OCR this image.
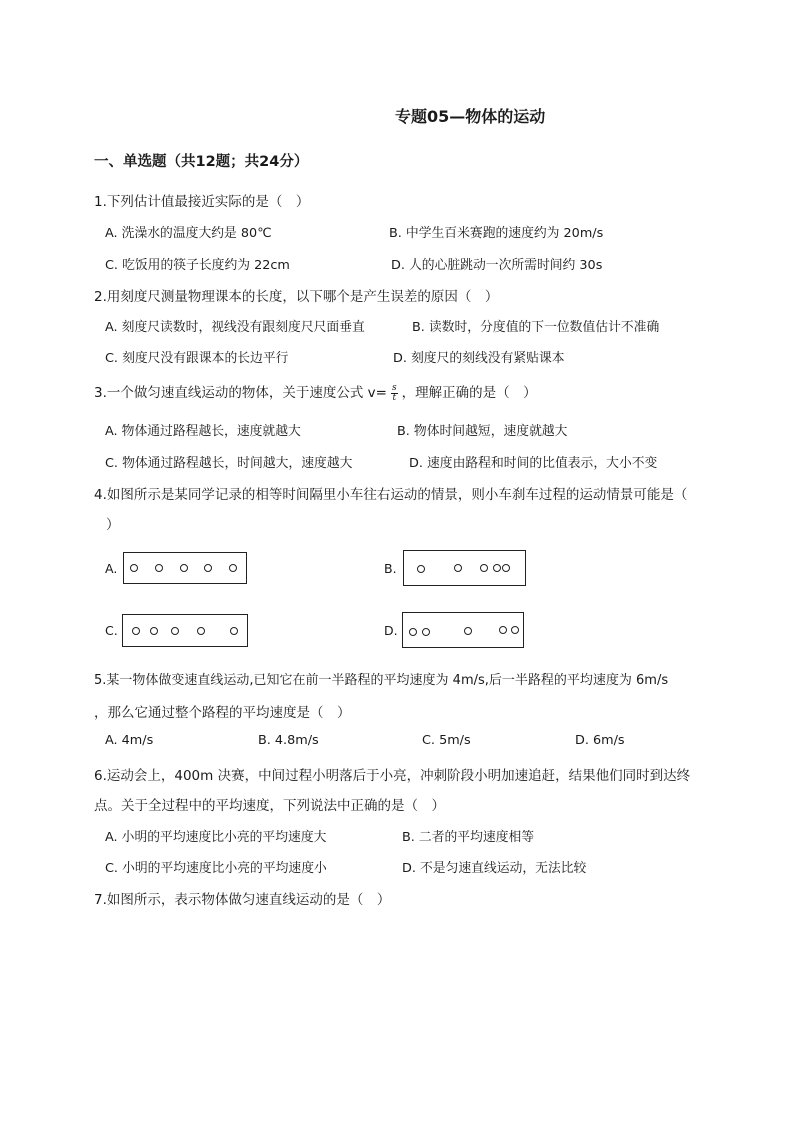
专题05—物体的运动
一、单选题（共12题；共24分）
1.下列估计值最接近实际的是（　）
A. 洗澡水的温度大约是 80℃	B. 中学生百米赛跑的速度约为 20m/s
C. 吃饭用的筷子长度约为 22cm	D. 人的心脏跳动一次所需时间约 30s
2.用刻度尺测量物理课本的长度，以下哪个是产生误差的原因（　）
A. 刻度尺读数时，视线没有跟刻度尺尺面垂直	B. 读数时，分度值的下一位数值估计不准确
C. 刻度尺没有跟课本的长边平行	D. 刻度尺的刻线没有紧贴课本
3.一个做匀速直线运动的物体，关于速度公式 $v= \frac{s}{t}$ ，理解正确的是（　）
A. 物体通过路程越长，速度就越大	B. 物体时间越短，速度就越大
C. 物体通过路程越长，时间越大，速度越大	D. 速度由路程和时间的比值表示，大小不变
4.如图所示是某同学记录的相等时间隔里小车往右运动的情景，则小车刹车过程的运动情景可能是（
）
A.	B.
C.	D.
5.某一物体做变速直线运动,已知它在前一半路程的平均速度为 4m/s,后一半路程的平均速度为 6m/s
，那么它通过整个路程的平均速度是（　）
A. 4m/s	B. 4.8m/s	C. 5m/s	D. 6m/s
6.运动会上，400m 决赛，中间过程小明落后于小亮，冲刺阶段小明加速追赶，结果他们同时到达终
点。关于全过程中的平均速度，下列说法中正确的是（　）
A. 小明的平均速度比小亮的平均速度大	B. 二者的平均速度相等
C. 小明的平均速度比小亮的平均速度小	D. 不是匀速直线运动，无法比较
7.如图所示，表示物体做匀速直线运动的是（　）
